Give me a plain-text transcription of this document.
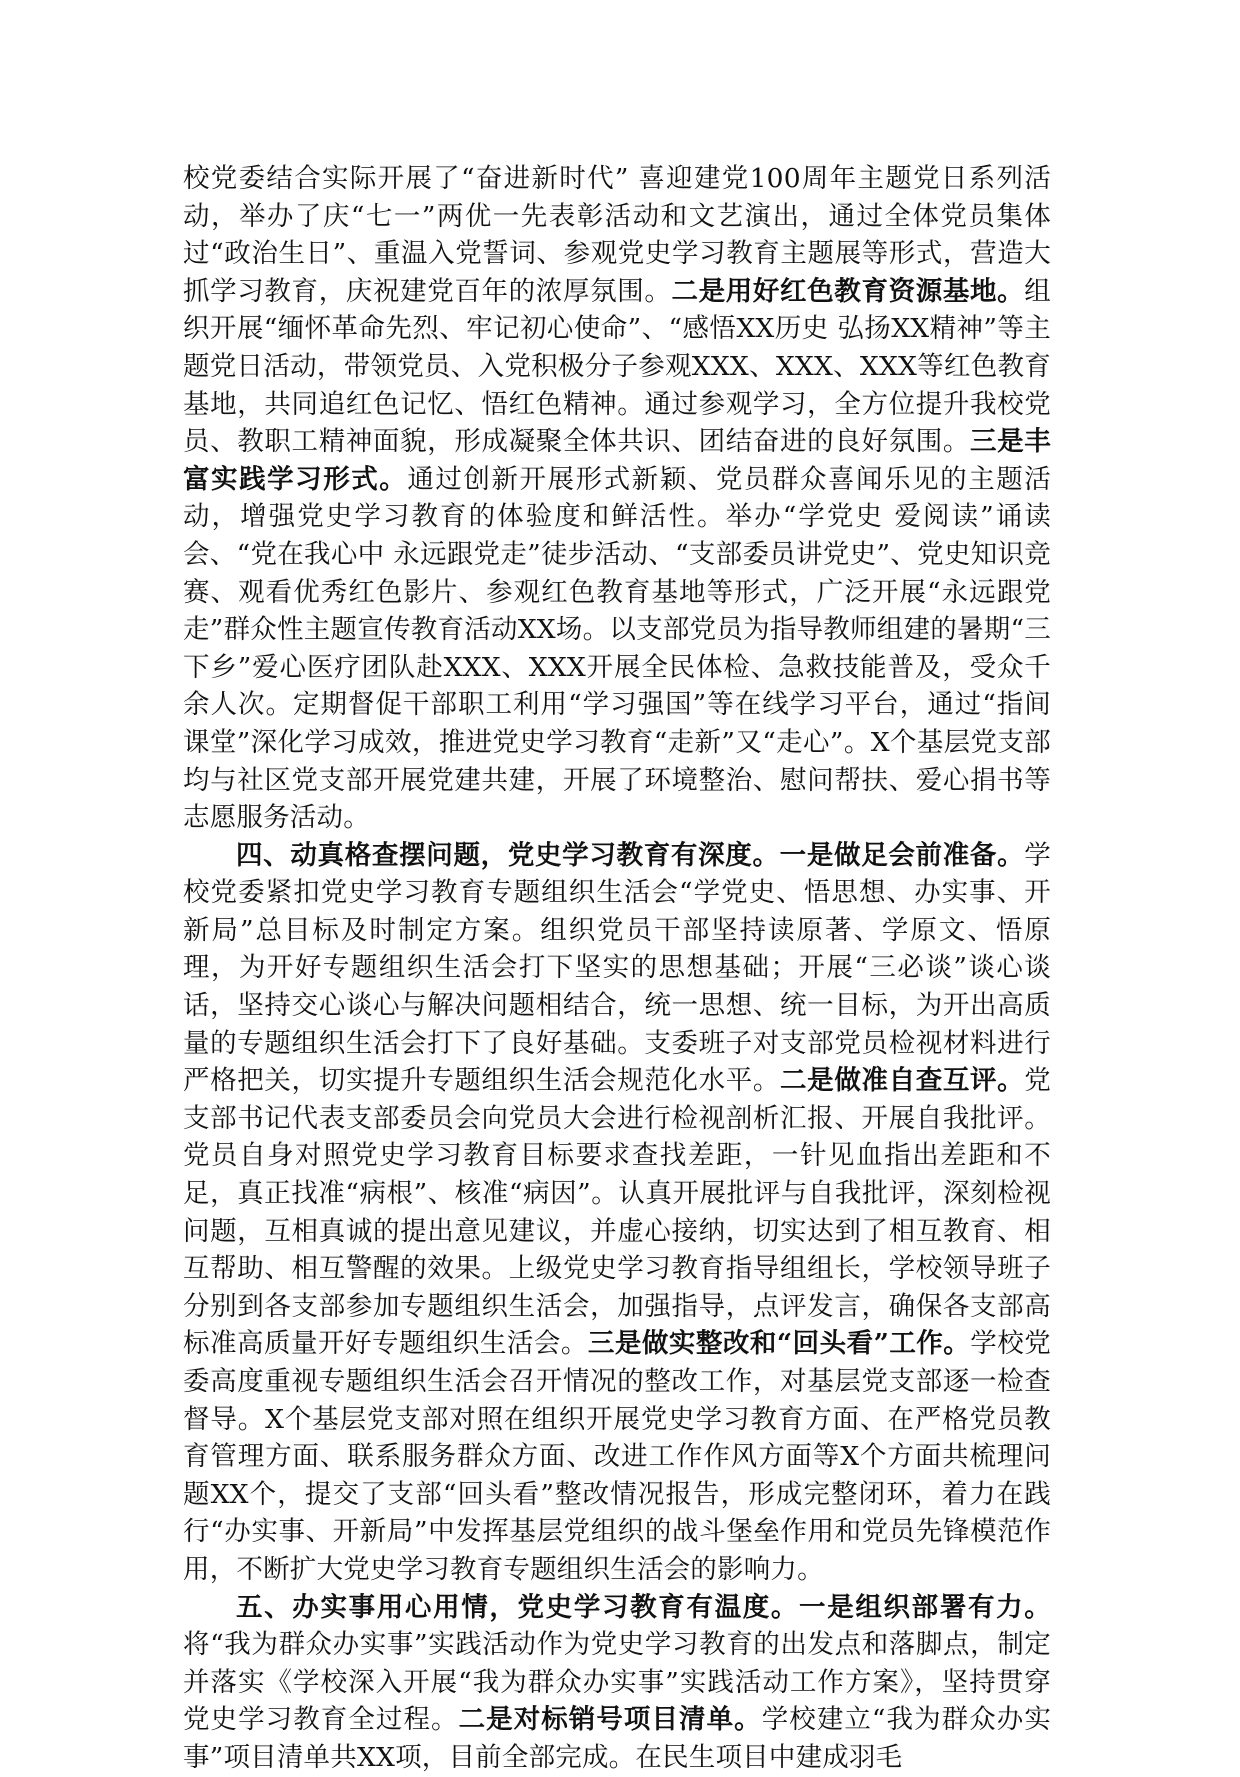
校党委结合实际开展了“奋进新时代” 喜迎建党100周年主题党日系列活动，举办了庆“七一”两优一先表彰活动和文艺演出，通过全体党员集体过“政治生日”、重温入党誓词、参观党史学习教育主题展等形式，营造大抓学习教育，庆祝建党百年的浓厚氛围。二是用好红色教育资源基地。组织开展“缅怀革命先烈、牢记初心使命”、“感悟XX历史 弘扬XX精神”等主题党日活动，带领党员、入党积极分子参观XXX、XXX、XXX等红色教育基地，共同追红色记忆、悟红色精神。通过参观学习，全方位提升我校党员、教职工精神面貌，形成凝聚全体共识、团结奋进的良好氛围。三是丰富实践学习形式。通过创新开展形式新颖、党员群众喜闻乐见的主题活动，增强党史学习教育的体验度和鲜活性。举办“学党史 爱阅读”诵读会、“党在我心中 永远跟党走”徒步活动、“支部委员讲党史”、党史知识竞赛、观看优秀红色影片、参观红色教育基地等形式，广泛开展“永远跟党走”群众性主题宣传教育活动XX场。以支部党员为指导教师组建的暑期“三下乡”爱心医疗团队赴XXX、XXX开展全民体检、急救技能普及，受众千余人次。定期督促干部职工利用“学习强国”等在线学习平台，通过“指间课堂”深化学习成效，推进党史学习教育“走新”又“走心”。X个基层党支部均与社区党支部开展党建共建，开展了环境整治、慰问帮扶、爱心捐书等志愿服务活动。

四、动真格查摆问题，党史学习教育有深度。一是做足会前准备。学校党委紧扣党史学习教育专题组织生活会“学党史、悟思想、办实事、开新局”总目标及时制定方案。组织党员干部坚持读原著、学原文、悟原理，为开好专题组织生活会打下坚实的思想基础；开展“三必谈”谈心谈话，坚持交心谈心与解决问题相结合，统一思想、统一目标，为开出高质量的专题组织生活会打下了良好基础。支委班子对支部党员检视材料进行严格把关，切实提升专题组织生活会规范化水平。二是做准自查互评。党支部书记代表支部委员会向党员大会进行检视剖析汇报、开展自我批评。党员自身对照党史学习教育目标要求查找差距，一针见血指出差距和不足，真正找准“病根”、核准“病因”。认真开展批评与自我批评，深刻检视问题，互相真诚的提出意见建议，并虚心接纳，切实达到了相互教育、相互帮助、相互警醒的效果。上级党史学习教育指导组组长，学校领导班子分别到各支部参加专题组织生活会，加强指导，点评发言，确保各支部高标准高质量开好专题组织生活会。三是做实整改和“回头看”工作。学校党委高度重视专题组织生活会召开情况的整改工作，对基层党支部逐一检查督导。X个基层党支部对照在组织开展党史学习教育方面、在严格党员教育管理方面、联系服务群众方面、改进工作作风方面等X个方面共梳理问题XX个，提交了支部“回头看”整改情况报告，形成完整闭环，着力在践行“办实事、开新局”中发挥基层党组织的战斗堡垒作用和党员先锋模范作用，不断扩大党史学习教育专题组织生活会的影响力。

五、办实事用心用情，党史学习教育有温度。一是组织部署有力。将“我为群众办实事”实践活动作为党史学习教育的出发点和落脚点，制定并落实《学校深入开展“我为群众办实事”实践活动工作方案》，坚持贯穿党史学习教育全过程。二是对标销号项目清单。学校建立“我为群众办实事”项目清单共XX项，目前全部完成。在民生项目中建成羽毛
